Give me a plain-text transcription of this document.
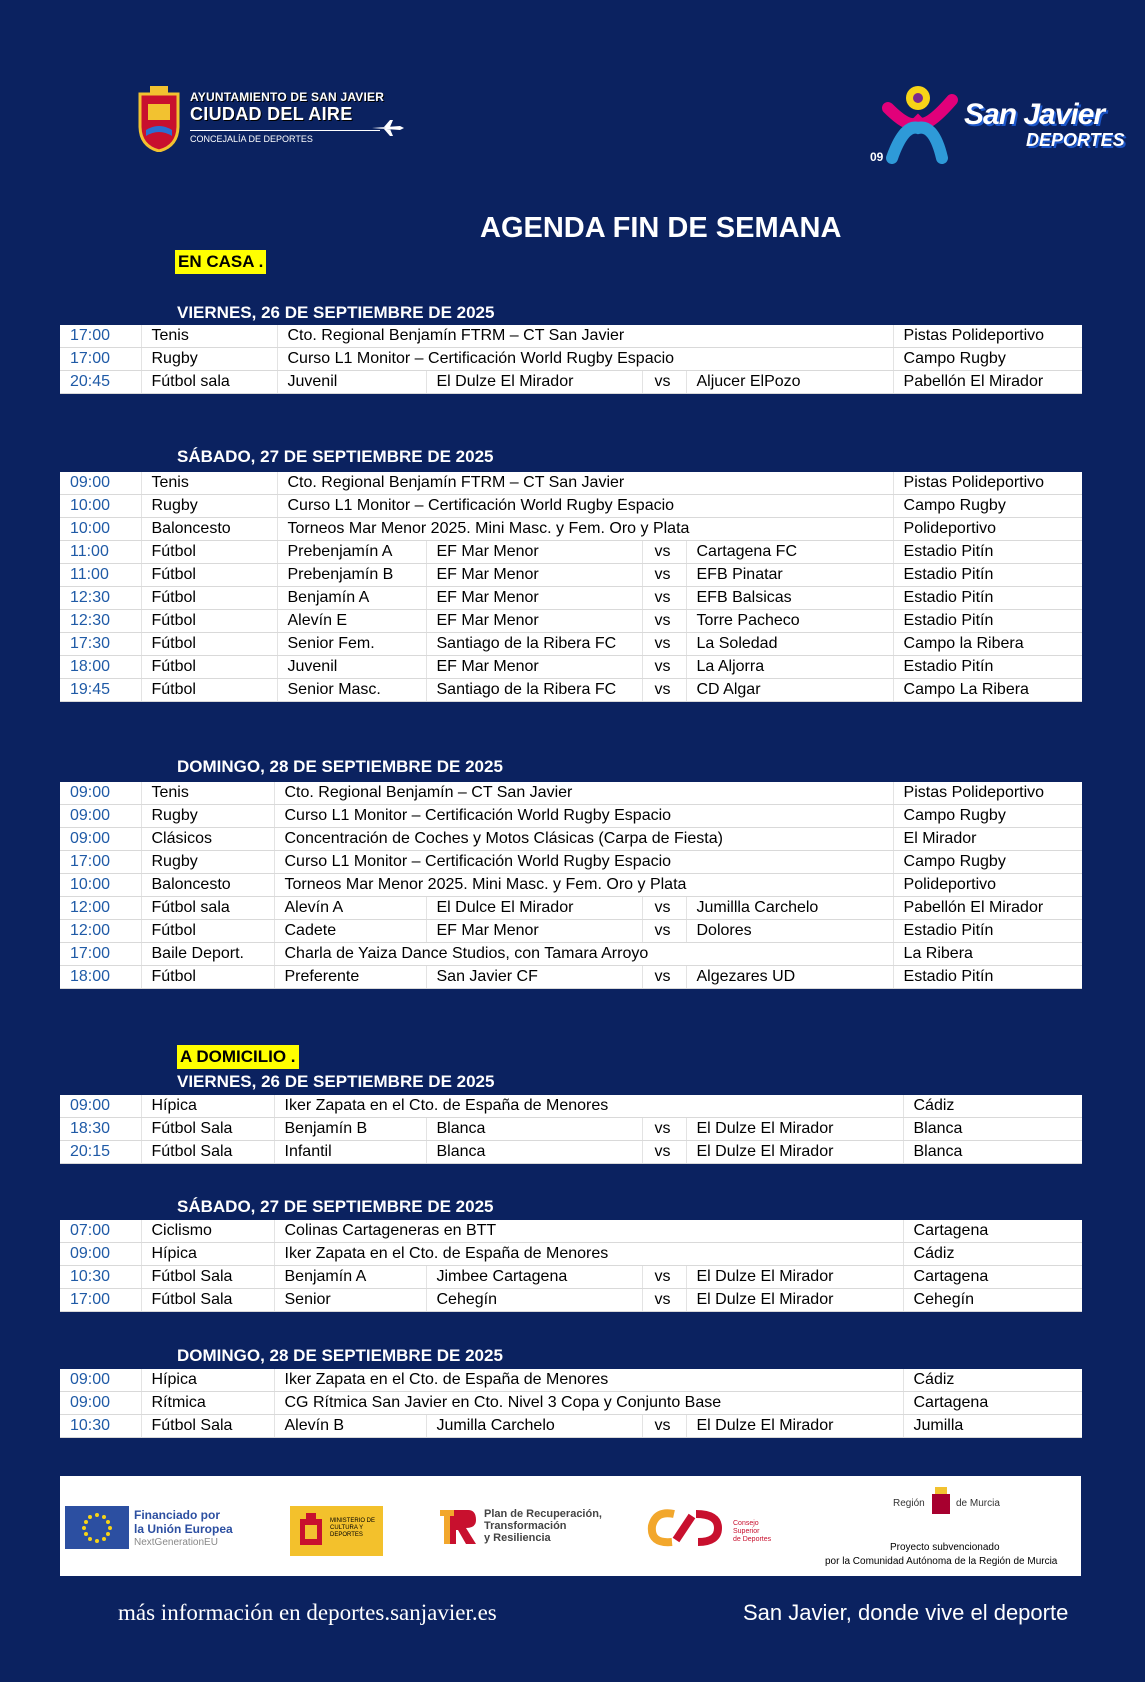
AYUNTAMIENTO DE SAN JAVIER
CIUDAD DEL AIRE
CONCEJALÍA DE DEPORTES
San Javier
DEPORTES
09
AGENDA FIN DE SEMANA
EN CASA .
VIERNES, 26 DE SEPTIEMBRE DE 2025
17:00	Tenis	Cto. Regional Benjamín FTRM – CT San Javier				Pistas Polideportivo
17:00	Rugby	Curso L1 Monitor – Certificación World Rugby Espacio				Campo Rugby
20:45	Fútbol sala	Juvenil	El Dulze El Mirador	vs	Aljucer ElPozo	Pabellón El Mirador
SÁBADO, 27 DE SEPTIEMBRE DE 2025
09:00	Tenis	Cto. Regional Benjamín FTRM – CT San Javier				Pistas Polideportivo
10:00	Rugby	Curso L1 Monitor – Certificación World Rugby Espacio				Campo Rugby
10:00	Baloncesto	Torneos Mar Menor 2025. Mini Masc. y Fem. Oro y Plata				Polideportivo
11:00	Fútbol	Prebenjamín A	EF Mar Menor	vs	Cartagena FC	Estadio Pitín
11:00	Fútbol	Prebenjamín B	EF Mar Menor	vs	EFB Pinatar	Estadio Pitín
12:30	Fútbol	Benjamín A	EF Mar Menor	vs	EFB Balsicas	Estadio Pitín
12:30	Fútbol	Alevín E	EF Mar Menor	vs	Torre Pacheco	Estadio Pitín
17:30	Fútbol	Senior Fem.	Santiago de la Ribera FC	vs	La Soledad	Campo la Ribera
18:00	Fútbol	Juvenil	EF Mar Menor	vs	La Aljorra	Estadio Pitín
19:45	Fútbol	Senior Masc.	Santiago de la Ribera FC	vs	CD Algar	Campo La Ribera
DOMINGO, 28 DE SEPTIEMBRE DE 2025
09:00	Tenis	Cto. Regional Benjamín – CT San Javier				Pistas Polideportivo
09:00	Rugby	Curso L1 Monitor – Certificación World Rugby Espacio				Campo Rugby
09:00	Clásicos	Concentración de Coches y Motos Clásicas (Carpa de Fiesta)				El Mirador
17:00	Rugby	Curso L1 Monitor – Certificación World Rugby Espacio				Campo Rugby
10:00	Baloncesto	Torneos Mar Menor 2025. Mini Masc. y Fem. Oro y Plata				Polideportivo
12:00	Fútbol sala	Alevín A	El Dulce El Mirador	vs	Jumillla Carchelo	Pabellón El Mirador
12:00	Fútbol	Cadete	EF Mar Menor	vs	Dolores	Estadio Pitín
17:00	Baile Deport.	Charla de Yaiza Dance Studios, con Tamara Arroyo				La Ribera
18:00	Fútbol	Preferente	San Javier CF	vs	Algezares UD	Estadio Pitín
A DOMICILIO .
VIERNES, 26 DE SEPTIEMBRE DE 2025
09:00	Hípica	Iker Zapata en el Cto. de España de Menores				Cádiz
18:30	Fútbol Sala	Benjamín B	Blanca	vs	El Dulze El Mirador	Blanca
20:15	Fútbol Sala	Infantil	Blanca	vs	El Dulze El Mirador	Blanca
SÁBADO, 27 DE SEPTIEMBRE DE 2025
07:00	Ciclismo	Colinas Cartageneras en BTT				Cartagena
09:00	Hípica	Iker Zapata en el Cto. de España de Menores				Cádiz
10:30	Fútbol Sala	Benjamín A	Jimbee Cartagena	vs	El Dulze El Mirador	Cartagena
17:00	Fútbol Sala	Senior	Cehegín	vs	El Dulze El Mirador	Cehegín
DOMINGO, 28 DE SEPTIEMBRE DE 2025
09:00	Hípica	Iker Zapata en el Cto. de España de Menores				Cádiz
09:00	Rítmica	CG Rítmica San Javier en Cto. Nivel 3 Copa y Conjunto Base				Cartagena
10:30	Fútbol Sala	Alevín B	Jumilla Carchelo	vs	El Dulze El Mirador	Jumilla
Financiado por
la Unión Europea
NextGenerationEU
MINISTERIO DE CULTURA Y DEPORTES
Plan de Recuperación,
Transformación
y Resiliencia
Consejo
Superior
de Deportes
Región	de Murcia
Proyecto subvencionado
por la Comunidad Autónoma de la Región de Murcia
más información en deportes.sanjavier.es	San Javier, donde vive el deporte
